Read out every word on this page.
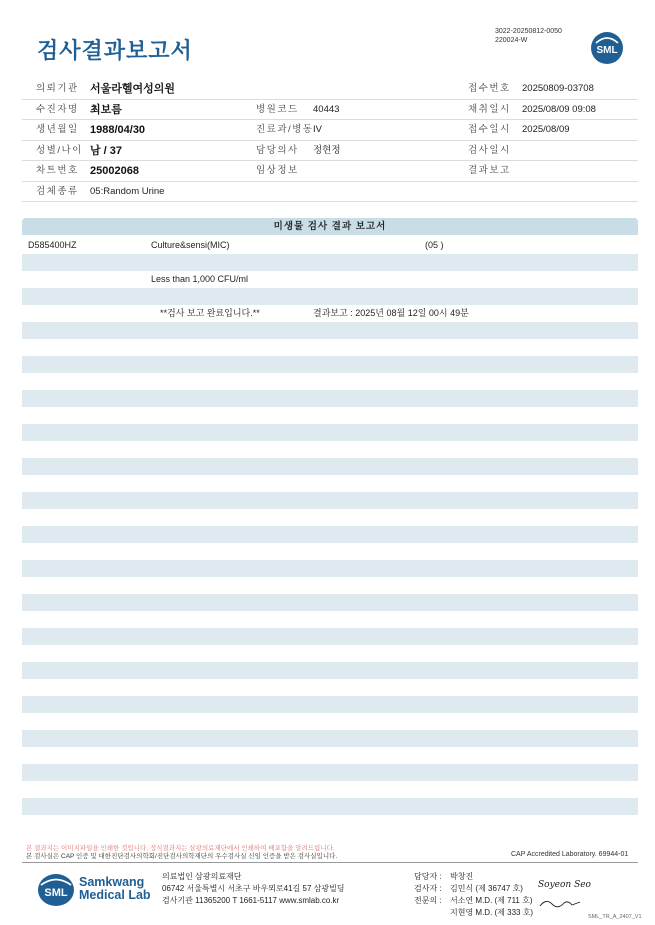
검사결과보고서
3022-20250812-0050
220024-W
SML
의뢰기관 서울라헬여성의원	접수번호 20250809-03708
수진자명 최보름	병원코드 40443	채취일시 2025/08/09 09:08
생년월일 1988/04/30	진료과/병동 IV	접수일시 2025/08/09
성별/나이 남 / 37	담당의사 정현정	검사일시
차트번호 25002068	임상정보	결과보고
검체종류 05:Random Urine
미생물 검사 결과 보고서
D585400HZ	Culture&sensi(MIC)	(05 )
Less than 1,000 CFU/ml
**검사 보고 완료입니다.**	결과보고 : 2025년 08월 12일 00시 49분
본 결과지는 이미지파일을 인쇄한 것입니다. 정식결과지는 삼광의료재단에서 인쇄하여 배포함을 알려드립니다.
본 검사실은 CAP 인증 및 대한진단검사의학회/진단검사의학재단의 우수검사실 신임 인증을 받은 검사실입니다.	CAP Accredited Laboratory. 69944-01
SML
Samkwang
Medical Lab
의료법인 삼광의료재단
06742 서울특별시 서초구 바우뫼로41길 57 삼광빌딩
검사기관 11365200 T 1661-5117 www.smlab.co.kr
담당자 : 박창진
검사자 : 김민식 (제 36747 호)
전문의 : 서소연 M.D. (제 711 호)
지현영 M.D. (제 333 호)
Soyeon Seo
SML_TR_A_2407_V1
